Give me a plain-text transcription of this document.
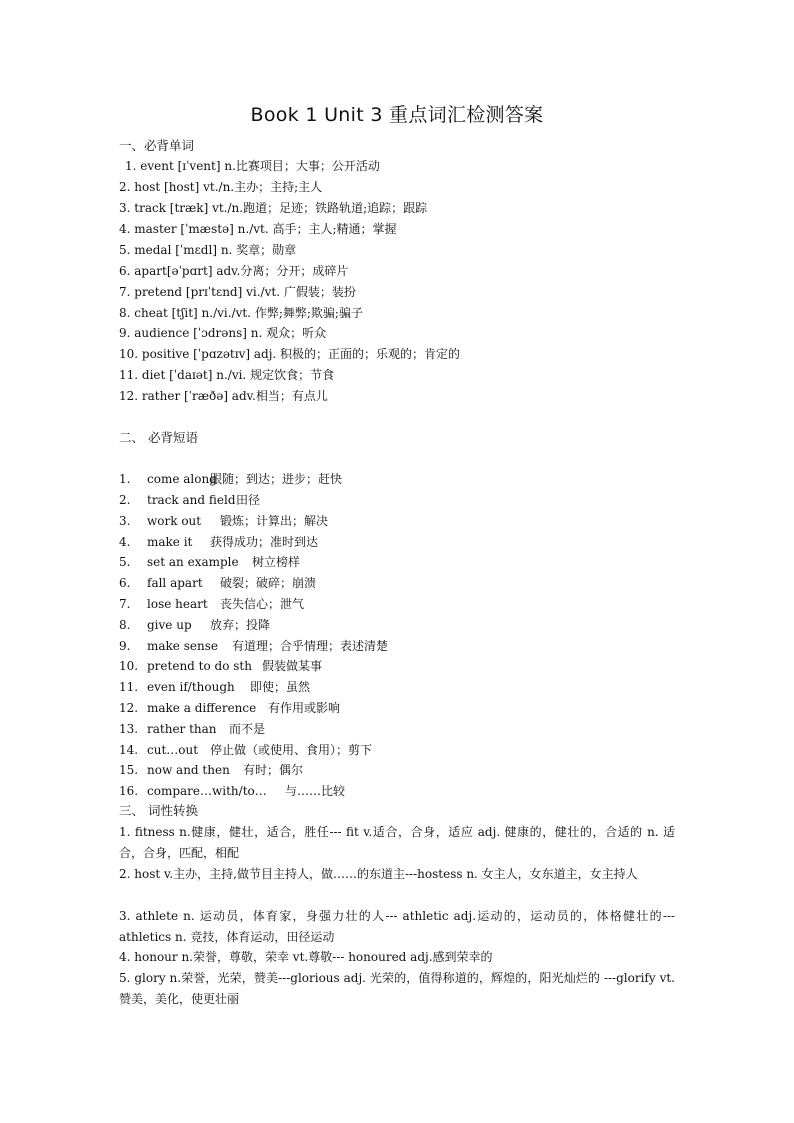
Book 1 Unit 3 重点词汇检测答案
一、必背单词
1. event [ɪˈvent] n.比赛项目；大事；公开活动
2. host [host] vt./n.主办；主持;主人
3. track [træk] vt./n.跑道；足迹；铁路轨道;追踪；跟踪
4. master [ˈmæstə] n./vt. 高手；主人;精通；掌握
5. medal [ˈmɛdl] n. 奖章；勋章
6. apart[əˈpɑrt] adv.分离；分开；成碎片
7. pretend [prɪˈtɛnd] vi./vt. 广假装；装扮
8. cheat [tʃit] n./vi./vt. 作弊;舞弊;欺骗;骗子
9. audience [ˈɔdrəns] n. 观众；听众
10. positive [ˈpɑzətɪv] adj. 积极的；正面的；乐观的；肯定的
11. diet [ˈdaɪət] n./vi. 规定饮食；节食
12. rather [ˈræðə] adv.相当；有点儿
二、 必背短语
1. come along跟随；到达；进步；赶快
2. track and field田径
3. work out 锻炼；计算出；解决
4. make it 获得成功；准时到达
5. set an example 树立榜样
6. fall apart 破裂；破碎；崩溃
7. lose heart 丧失信心；泄气
8. give up 放弃；投降
9. make sense 有道理；合乎情理；表述清楚
10. pretend to do sth 假装做某事
11. even if/though 即使；虽然
12. make a difference 有作用或影响
13. rather than 而不是
14. cut…out 停止做（或使用、食用）；剪下
15. now and then 有时；偶尔
16. compare…with/to… 与……比较
三、 词性转换
1. fitness n.健康，健壮，适合，胜任--- fit v.适合，合身，适应 adj. 健康的，健壮的，合适的 n. 适合，合身，匹配，相配
2. host v.主办，主持,做节目主持人，做……的东道主---hostess n. 女主人，女东道主，女主持人
3. athlete n. 运动员，体育家，身强力壮的人--- athletic adj.运动的，运动员的，体格健壮的---athletics n. 竞技，体育运动，田径运动
4. honour n.荣誉，尊敬，荣幸 vt.尊敬--- honoured adj.感到荣幸的
5. glory n.荣誉，光荣，赞美---glorious adj. 光荣的，值得称道的，辉煌的，阳光灿烂的 ---glorify vt. 赞美，美化，使更壮丽
